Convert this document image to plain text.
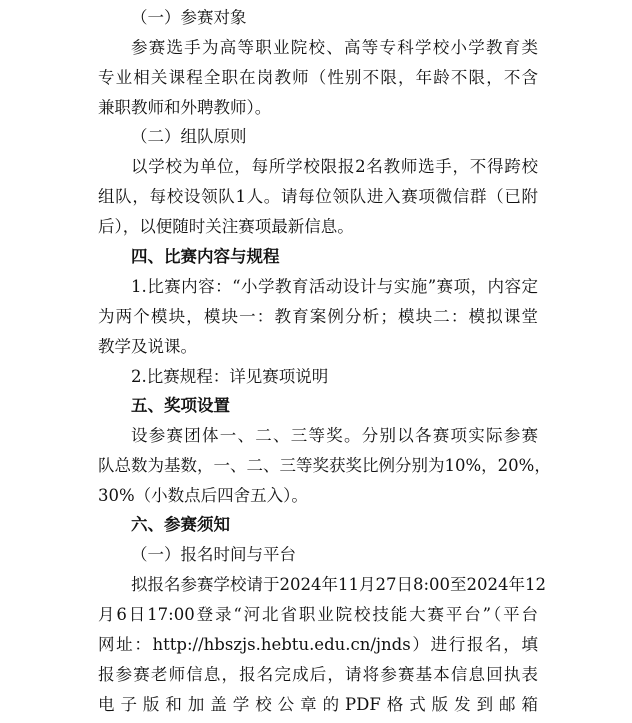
（一）参赛对象
参赛选手为高等职业院校、高等专科学校小学教育类
专业相关课程全职在岗教师（性别不限，年龄不限，不含
兼职教师和外聘教师）。
（二）组队原则
以学校为单位，每所学校限报2名教师选手，不得跨校
组队，每校设领队1人。请每位领队进入赛项微信群（已附
后），以便随时关注赛项最新信息。
四、比赛内容与规程
1.比赛内容：“小学教育活动设计与实施”赛项，内容定
为两个模块，模块一：教育案例分析；模块二：模拟课堂
教学及说课。
2.比赛规程：详见赛项说明
五、奖项设置
设参赛团体一、二、三等奖。分别以各赛项实际参赛
队总数为基数，一、二、三等奖获奖比例分别为10%，20%，
30%（小数点后四舍五入）。
六、参赛须知
（一）报名时间与平台
拟报名参赛学校请于2024年11月27日8:00至2024年12
月6日17:00登录“河北省职业院校技能大赛平台”（平台
网址：http://hbszjs.hebtu.edu.cn/jnds）进行报名，填
报参赛老师信息，报名完成后，请将参赛基本信息回执表
电子版和加盖学校公章的PDF格式版发到邮箱
